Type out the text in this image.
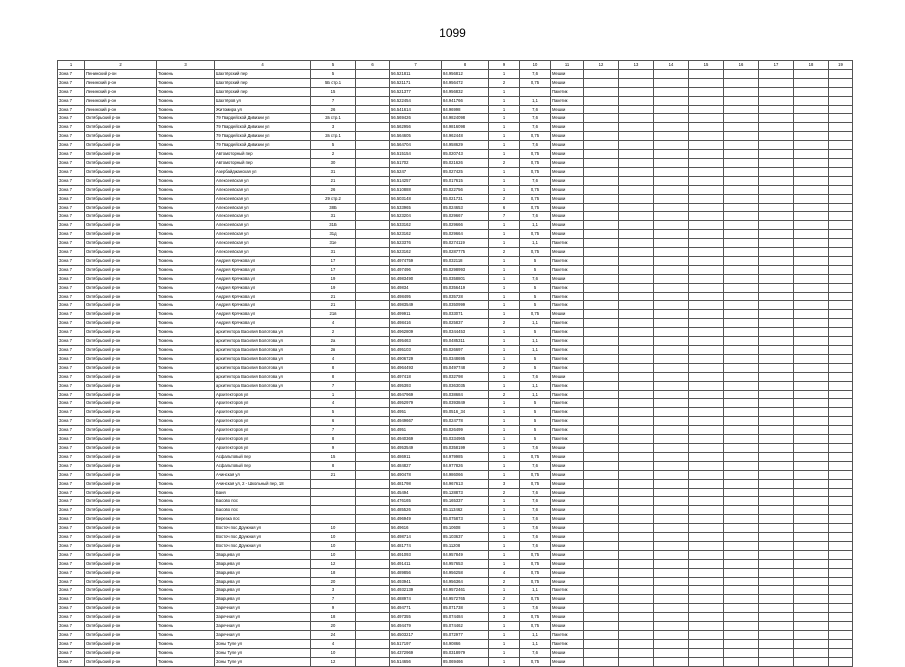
1099
1	2	3	4	5	6	7	8	9	10	11	12	13	14	15	16	17	18	19
Зона 7	Пенинский р-он	Тюмень	Шахтёрский пер	5		56.521811	84.956812	1	7,6	Мешки								
Зона 7	Ленинский р-он	Тюмень	Шахтёрский пер	5Б стр.1		56.521171	84.956472	2	0,75	Мешки								
Зона 7	Ленинский р-он	Тюмень	Шахтёрский пер	15		56.521377	84.956832	1		Пакетик								
Зона 7	Ленинский р-он	Тюмень	Шахтёров ул	7		56.522454	84.941766	1	1,1	Пакетик								
Зона 7	Ленинский р-он	Тюмень	Житомира ул	26		56.541614	84.96998	1	7,6	Мешки								
Зона 7	Октябрьский р-он	Тюмень	79 Гвардейской Дивизии ул	2в стр.1		56.569426	84.9824098	1	7,6	Мешки								
Зона 7	Октябрьский р-он	Тюмень	79 Гвардейской Дивизии ул	3		56.562956	84.9816098	1	7,6	Мешки								
Зона 7	Октябрьский р-он	Тюмень	79 Гвардейской Дивизии ул	2в стр.1		56.564605	84.962448	1	0,75	Мешки								
Зона 7	Октябрьский р-он	Тюмень	79 Гвардейской Дивизии ул	5		56.564704	84.958629	1	7,6	Мешки								
Зона 7	Октябрьский р-он	Тюмень	Автомоторный пер	2		56.515154	85.020743	1	0,75	Мешки								
Зона 7	Октябрьский р-он	Тюмень	Автомоторный пер	30		56.51702	85.021626	2	0,75	Мешки								
Зона 7	Октябрьский р-он	Тюмень	Азербайджанская ул	31		56.5247	85.027425	1	0,75	Мешки								
Зона 7	Октябрьский р-он	Тюмень	Алексеевская ул	21		56.514257	85.017615	1	7,6	Мешки								
Зона 7	Октябрьский р-он	Тюмень	Алексеевская ул	26		56.510888	85.022756	1	0,75	Мешки								
Зона 7	Октябрьский р-он	Тюмень	Алексеевская ул	29 стр.2		56.503148	85.021731	2	0,75	Мешки								
Зона 7	Октябрьский р-он	Тюмень	Алексеевская ул	38Б		56.533965	85.024653	6	0,75	Мешки								
Зона 7	Октябрьский р-он	Тюмень	Алексеевская ул	31		56.523204	85.029667	7	7,6	Мешки								
Зона 7	Октябрьский р-он	Тюмень	Алексеевская ул	31Б		56.533162	85.029666	1	1,1	Мешки								
Зона 7	Октябрьский р-он	Тюмень	Алексеевская ул	31д		56.523162	85.029664	1	0,75	Мешки								
Зона 7	Октябрьский р-он	Тюмень	Алексеевская ул	31е		56.523376	85.0274119	1	1,1	Пакетик								
Зона 7	Октябрьский р-он	Тюмень	Алексеевская ул	31		56.523162	85.0287775	2	0,75	Мешки								
Зона 7	Октябрьский р-он	Тюмень	Андрея Крячкова ул	17		56.4974759	85.032118	1	5	Пакетик								
Зона 7	Октябрьский р-он	Тюмень	Андрея Крячкова ул	17		56.497496	85.0298993	1	5	Пакетик								
Зона 7	Октябрьский р-он	Тюмень	Андрея Крячкова ул	19		56.4983490	85.0358801	1	7,6	Мешки								
Зона 7	Октябрьский р-он	Тюмень	Андрея Крячкова ул	19		56.49834	85.0356419	1	5	Пакетик								
Зона 7	Октябрьский р-он	Тюмень	Андрея Крячкова ул	21		56.498495	85.035728	1	5	Пакетик								
Зона 7	Октябрьский р-он	Тюмень	Андрея Крячкова ул	21		56.4983549	85.0350999	1	5	Пакетик								
Зона 7	Октябрьский р-он	Тюмень	Андрея Крячкова ул	21в		56.499911	85.033071	1	0,75	Мешки								
Зона 7	Октябрьский р-он	Тюмень	Андрея Крячкова ул	4		56.498416	85.025837	2	1,1	Пакетик								
Зона 7	Октябрьский р-он	Тюмень	архитектора Василия Болотова ул	2		56.4962809	85.0344453	1	5	Пакетик								
Зона 7	Октябрьский р-он	Тюмень	архитектора Василия Болотова ул	2а		56.495463	85.0485311	1	1,1	Пакетик								
Зона 7	Октябрьский р-он	Тюмень	архитектора Василия Болотова ул	2в		56.495103	85.026697	1	1,1	Пакетик								
Зона 7	Октябрьский р-он	Тюмень	архитектора Василия Болотова ул	4		56.4906729	85.0348695	1	5	Пакетик								
Зона 7	Октябрьский р-он	Тюмень	архитектора Василия Болотова ул	8		56.4964493	85.0497748	2	5	Пакетик								
Зона 7	Октябрьский р-он	Тюмень	архитектора Василия Болотова ул	8		56.497418	85.032798	1	7,6	Мешки								
Зона 7	Октябрьский р-он	Тюмень	архитектора Василия Болотова ул	7		56.495393	85.0363035	1	1,1	Пакетик								
Зона 7	Октябрьский р-он	Тюмень	Архитекторов ул	1		56.4947969	85.038684	2	1,1	Пакетик								
Зона 7	Октябрьский р-он	Тюмень	Архитекторов ул	4		56.4952979	85.0393849	1	5	Пакетик								
Зона 7	Октябрьский р-он	Тюмень	Архитекторов ул	5		56.4951	85.0516_34	1	5	Пакетик								
Зона 7	Октябрьский р-он	Тюмень	Архитекторов ул	6		56.4949667	85.024778	1	5	Пакетик								
Зона 7	Октябрьский р-он	Тюмень	Архитекторов ул	7		56.4951	85.026499	1	5	Пакетик								
Зона 7	Октябрьский р-он	Тюмень	Архитекторов ул	8		56.4940369	85.0334965	1	5	Пакетик								
Зона 7	Октябрьский р-он	Тюмень	Архитекторов ул	9		56.4953549	85.0358199	1	7,6	Мешки								
Зона 7	Октябрьский р-он	Тюмень	Асфальтовый пер	15		56.486911	84.979985	1	0,75	Мешки								
Зона 7	Октябрьский р-он	Тюмень	Асфальтовый пер	8		56.484827	84.977826	1	7,6	Мешки								
Зона 7	Октябрьский р-он	Тюмень	Ачинская ул	21		56.490478	84.986066	1	0,75	Мешки								
Зона 7	Октябрьский р-он	Тюмень	Ачинская ул, 2 - Школьный пер, 18			56.481798	84.967613	3	0,75	Мешки								
Зона 7	Октябрьский р-он	Тюмень	Баня			56.45494	85.128873	2	7,6	Мешки								
Зона 7	Октябрьский р-он	Тюмень	Басово пос			56.476165	85.165337	1	7,6	Мешки								
Зона 7	Октябрьский р-он	Тюмень	Басово пос			56.485526	85.113462	1	7,6	Мешки								
Зона 7	Октябрьский р-он	Тюмень	Березка пос			56.496949	85.075873	1	7,6	Мешки								
Зона 7	Октябрьский р-он	Тюмень	Восточ пос Дружная ул	10		56.49616	85.10608	1	7,6	Мешки								
Зона 7	Октябрьский р-он	Тюмень	Восточ пос Дружная ул	10		56.498714	85.103637	1	7,6	Мешки								
Зона 7	Октябрьский р-он	Тюмень	Восточ пос Дружная ул	10		56.481774	85.11208	1	7,6	Мешки								
Зона 7	Октябрьский р-он	Тюмень	Зварцева ул	10		56.491093	84.957849	1	0,75	Мешки								
Зона 7	Октябрьский р-он	Тюмень	Зварцева ул	12		56.491411	84.957653	1	0,75	Мешки								
Зона 7	Октябрьский р-он	Тюмень	Зварцева ул	18		56.489856	84.956258	4	0,75	Мешки								
Зона 7	Октябрьский р-он	Тюмень	Зварцева ул	20		56.493941	84.956364	2	0,75	Мешки								
Зона 7	Октябрьский р-он	Тюмень	Зварцева ул	3		56.4932139	84.9572461	1	1,1	Пакетик								
Зона 7	Октябрьский р-он	Тюмень	Зварцева ул	7		56.488974	84.9572765	2	0,75	Мешки								
Зона 7	Октябрьский р-он	Тюмень	Заречная ул	9		56.494771	85.071738	1	7,6	Мешки								
Зона 7	Октябрьский р-он	Тюмень	Заречная ул	18		56.497355	85.074484	3	0,75	Мешки								
Зона 7	Октябрьский р-он	Тюмень	Заречная ул	20		56.494479	85.074462	1	0,75	Мешки								
Зона 7	Октябрьский р-он	Тюмень	Заречная ул	24		56.4503217	85.072977	1	1,1	Пакетик								
Зона 7	Октябрьский р-он	Тюмень	Зоны Туле ул	4		56.517197	84.90866	1	1,1	Пакетик								
Зона 7	Октябрьский р-он	Тюмень	Зоны Туле ул	10		56.4372969	85.0318979	1	7,6	Мешки								
Зона 7	Октябрьский р-он	Тюмень	Зоны Туле ул	12		56.514656	85.069466	1	0,75	Мешки								
